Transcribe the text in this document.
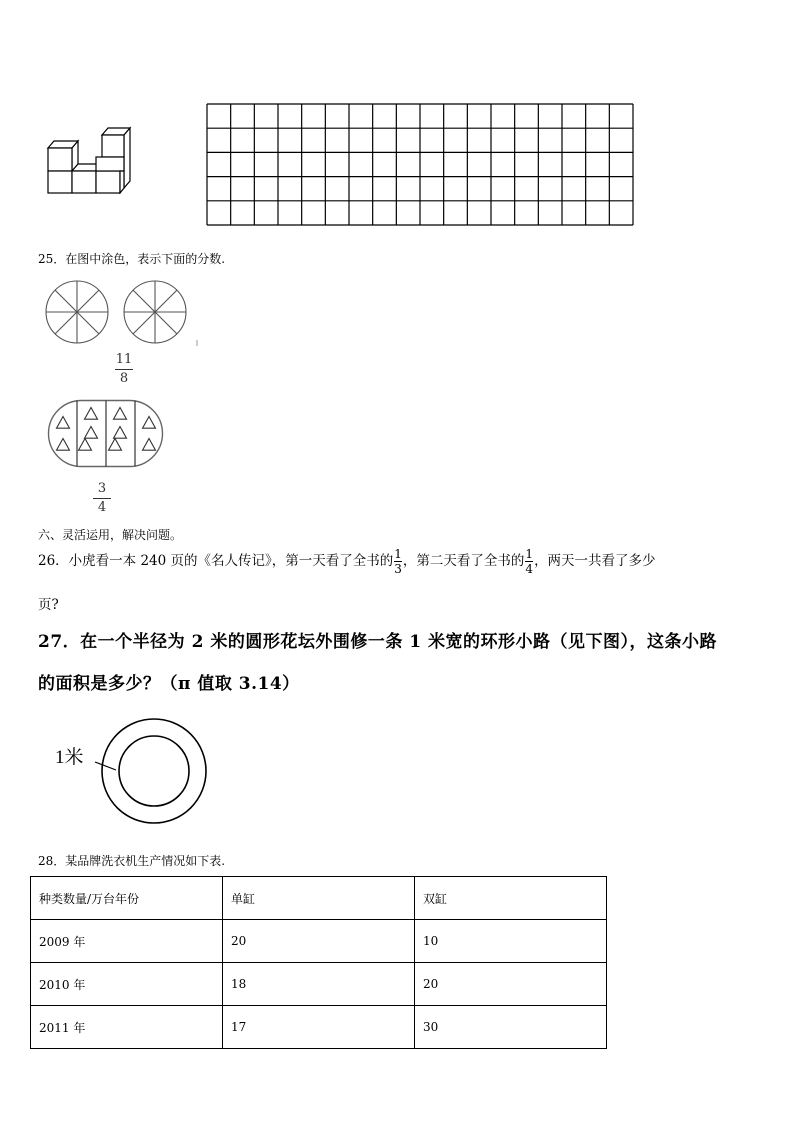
25．在图中涂色，表示下面的分数.
11
8
3
4
六、灵活运用，解决问题。
26．小虎看一本 240 页的《名人传记》，第一天看了全书的 $\frac{1}{3}$ ，第二天看了全书的 $\frac{1}{4}$ ，两天一共看了多少
页?
27．在一个半径为 2 米的圆形花坛外围修一条 1 米宽的环形小路（见下图），这条小路
的面积是多少？（π 值取 3.14）
1米
28．某品牌洗衣机生产情况如下表.
种类数量/万台年份	单缸	双缸
2009 年	20	10
2010 年	18	20
2011 年	17	30
